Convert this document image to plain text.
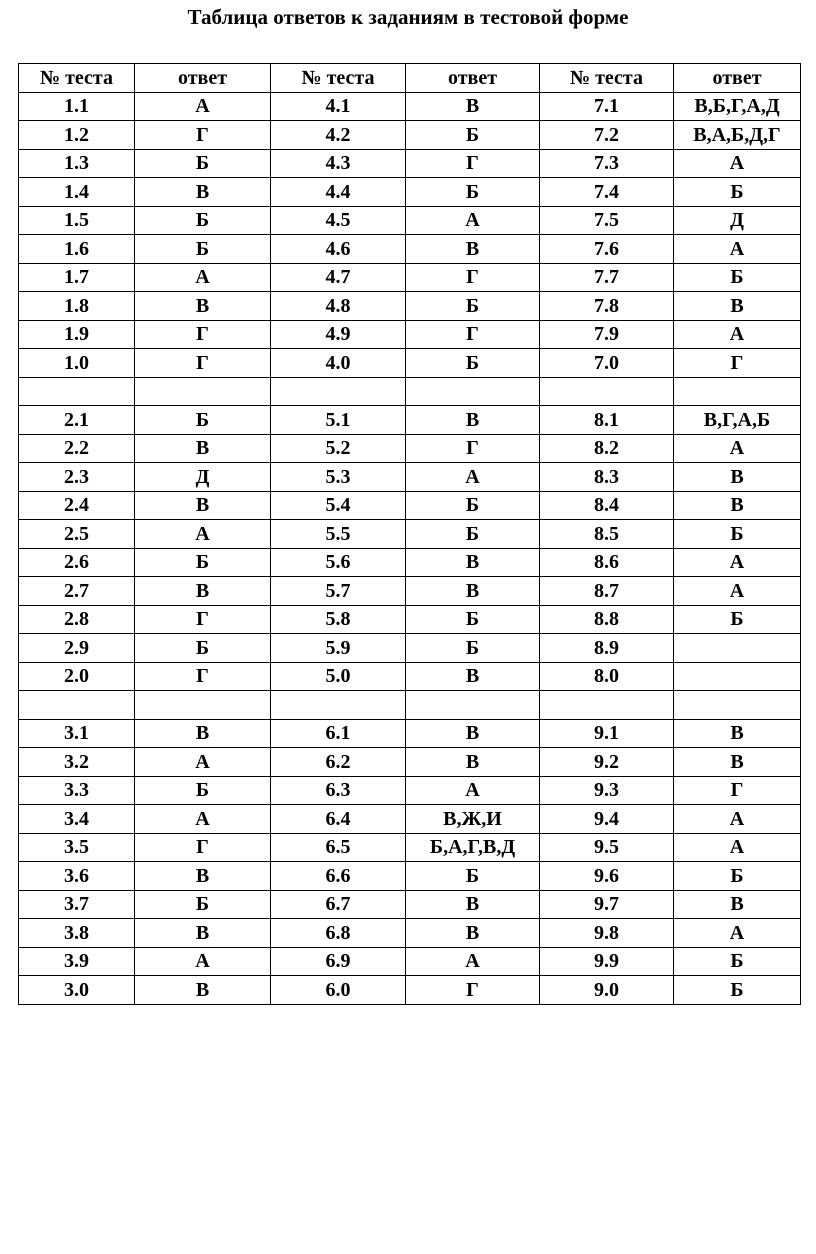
Таблица ответов к заданиям в тестовой форме
№ теста	ответ	№ теста	ответ	№ теста	ответ
1.1	А	4.1	В	7.1	В,Б,Г,А,Д
1.2	Г	4.2	Б	7.2	В,А,Б,Д,Г
1.3	Б	4.3	Г	7.3	А
1.4	В	4.4	Б	7.4	Б
1.5	Б	4.5	А	7.5	Д
1.6	Б	4.6	В	7.6	А
1.7	А	4.7	Г	7.7	Б
1.8	В	4.8	Б	7.8	В
1.9	Г	4.9	Г	7.9	А
1.0	Г	4.0	Б	7.0	Г

2.1	Б	5.1	В	8.1	В,Г,А,Б
2.2	В	5.2	Г	8.2	А
2.3	Д	5.3	А	8.3	В
2.4	В	5.4	Б	8.4	В
2.5	А	5.5	Б	8.5	Б
2.6	Б	5.6	В	8.6	А
2.7	В	5.7	В	8.7	А
2.8	Г	5.8	Б	8.8	Б
2.9	Б	5.9	Б	8.9	
2.0	Г	5.0	В	8.0	

3.1	В	6.1	В	9.1	В
3.2	А	6.2	В	9.2	В
3.3	Б	6.3	А	9.3	Г
3.4	А	6.4	В,Ж,И	9.4	А
3.5	Г	6.5	Б,А,Г,В,Д	9.5	А
3.6	В	6.6	Б	9.6	Б
3.7	Б	6.7	В	9.7	В
3.8	В	6.8	В	9.8	А
3.9	А	6.9	А	9.9	Б
3.0	В	6.0	Г	9.0	Б
